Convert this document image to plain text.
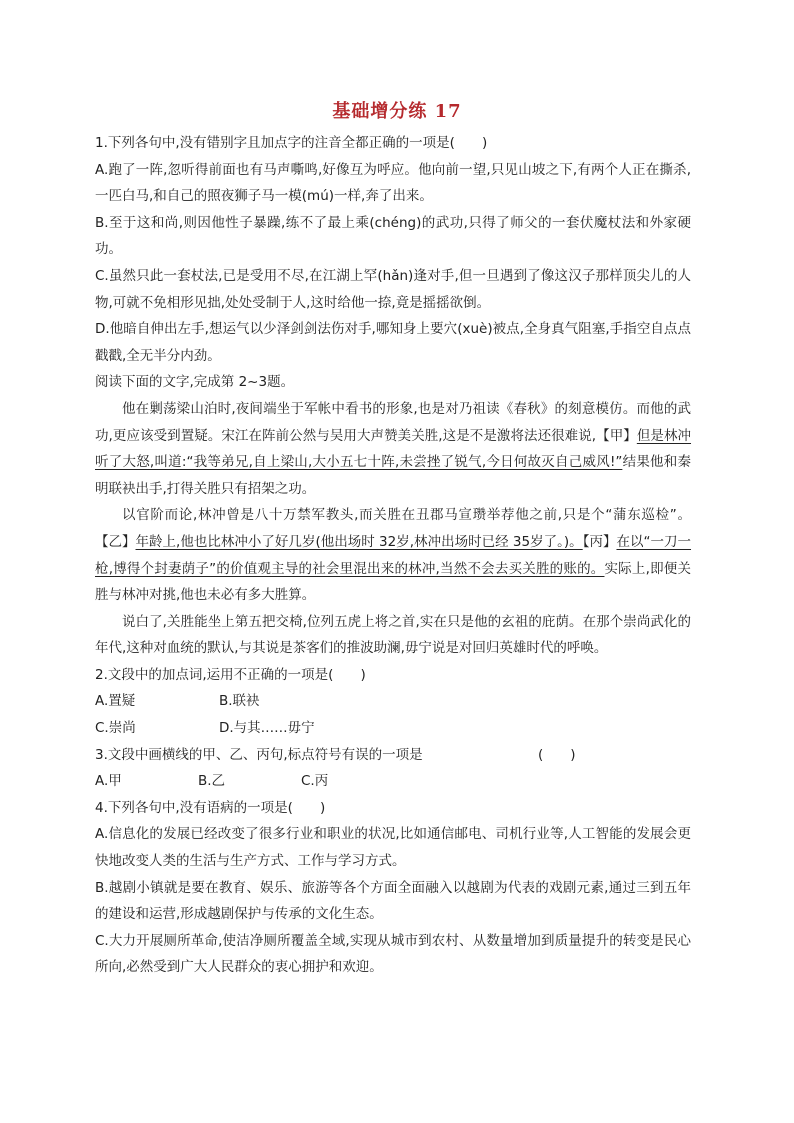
基础增分练 17

1.下列各句中,没有错别字且加点字的注音全都正确的一项是(　　)

A.跑了一阵,忽听得前面也有马声嘶鸣,好像互为呼应。他向前一望,只见山坡之下,有两个人正在撕杀,一匹白马,和自己的照夜狮子马一模(mú)一样,奔了出来。

B.至于这和尚,则因他性子暴躁,练不了最上乘(chéng)的武功,只得了师父的一套伏魔杖法和外家硬功。

C.虽然只此一套杖法,已是受用不尽,在江湖上罕(hǎn)逢对手,但一旦遇到了像这汉子那样顶尖儿的人物,可就不免相形见拙,处处受制于人,这时给他一捺,竟是摇摇欲倒。

D.他暗自伸出左手,想运气以少泽剑剑法伤对手,哪知身上要穴(xuè)被点,全身真气阻塞,手指空自点点戳戳,全无半分内劲。

阅读下面的文字,完成第 2~3题。

他在剿荡梁山泊时,夜间端坐于军帐中看书的形象,也是对乃祖读《春秋》的刻意模仿。而他的武功,更应该受到置疑。宋江在阵前公然与吴用大声赞美关胜,这是不是激将法还很难说,【甲】但是林冲听了大怒,叫道:“我等弟兄,自上梁山,大小五七十阵,未尝挫了锐气,今日何故灭自己威风!”结果他和秦明联袂出手,打得关胜只有招架之功。

以官阶而论,林冲曾是八十万禁军教头,而关胜在丑郡马宣瓒举荐他之前,只是个“蒲东巡检”。【乙】年龄上,他也比林冲小了好几岁(他出场时 32岁,林冲出场时已经 35岁了。)。【丙】在以“一刀一枪,博得个封妻荫子”的价值观主导的社会里混出来的林冲,当然不会去买关胜的账的。实际上,即便关胜与林冲对挑,他也未必有多大胜算。

说白了,关胜能坐上第五把交椅,位列五虎上将之首,实在只是他的玄祖的庇荫。在那个崇尚武化的年代,这种对血统的默认,与其说是茶客们的推波助澜,毋宁说是对回归英雄时代的呼唤。

2.文段中的加点词,运用不正确的一项是(　　)

A.置疑	B.联袂
C.崇尚	D.与其……毋宁
3.文段中画横线的甲、乙、丙句,标点符号有误的一项是	(　　)
A.甲	B.乙	C.丙

4.下列各句中,没有语病的一项是(　　)

A.信息化的发展已经改变了很多行业和职业的状况,比如通信邮电、司机行业等,人工智能的发展会更快地改变人类的生活与生产方式、工作与学习方式。

B.越剧小镇就是要在教育、娱乐、旅游等各个方面全面融入以越剧为代表的戏剧元素,通过三到五年的建设和运营,形成越剧保护与传承的文化生态。

C.大力开展厕所革命,使洁净厕所覆盖全域,实现从城市到农村、从数量增加到质量提升的转变是民心所向,必然受到广大人民群众的衷心拥护和欢迎。
